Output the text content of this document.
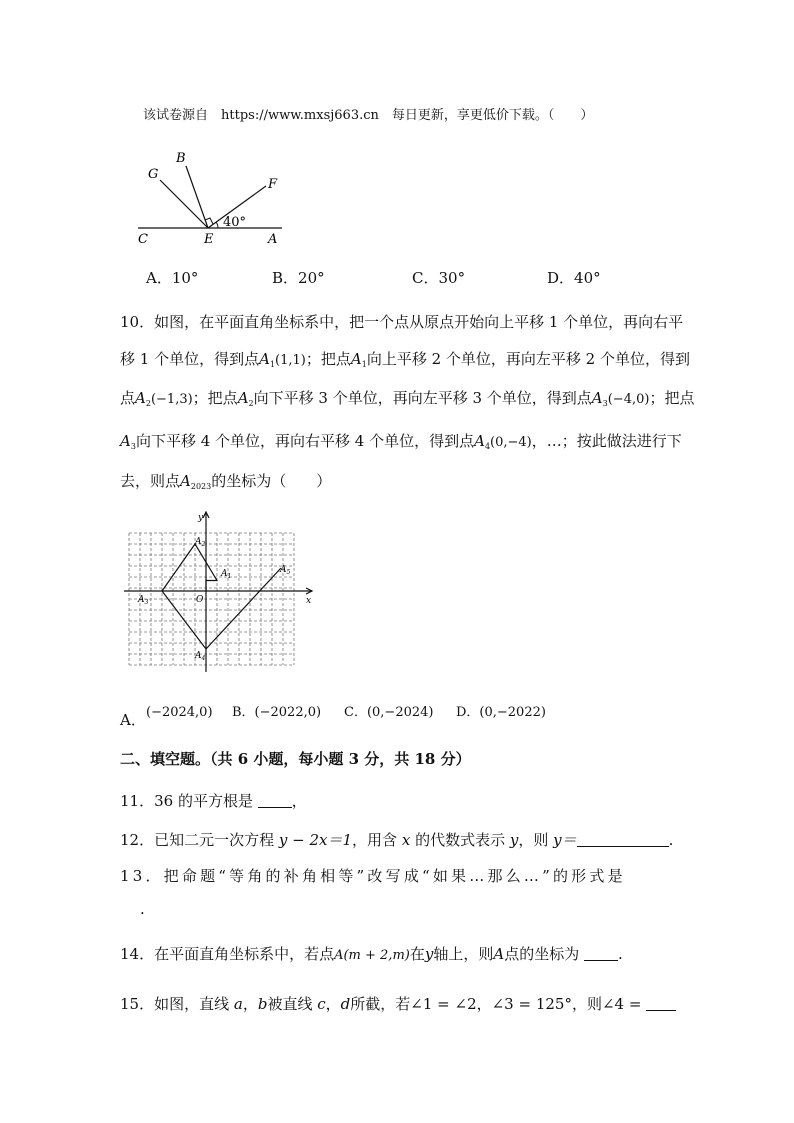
该试卷源自　https://www.mxsj663.cn　每日更新，享更低价下载。（　　）
G
B
F
C	E	A
40°
A．10°	B．20°	C．30°	D．40°
10．如图，在平面直角坐标系中，把一个点从原点开始向上平移 1 个单位，再向右平
移 1 个单位，得到点$A_1(1,1)$；把点$A_1$向上平移 2 个单位，再向左平移 2 个单位，得到
点$A_2(-1,3)$；把点$A_2$向下平移 3 个单位，再向左平移 3 个单位，得到点$A_3(-4,0)$；把点
$A_3$向下平移 4 个单位，再向右平移 4 个单位，得到点$A_4(0,-4)$，…；按此做法进行下
去，则点$A_{2023}$的坐标为（　　）
y
x
O
$A_1$
$A_2$
$A_3$
$A_4$
$A_5$
A． (−2024,0) B．(−2022,0) C．(0,−2024) D．(0,−2022)
二、填空题。（共 6 小题，每小题 3 分，共 18 分）
11．36 的平方根是	，
12．已知二元一次方程 y − 2x＝1，用含 x 的代数式表示 y，则 y＝	.
13．把命题“等角的补角相等”改写成“如果…那么…”的形式是
.
14．在平面直角坐标系中，若点A(m + 2,m)在y轴上，则A点的坐标为	.
15．如图，直线 a，b被直线 c，d所截，若∠1 = ∠2，∠3 = 125°，则∠4 =
